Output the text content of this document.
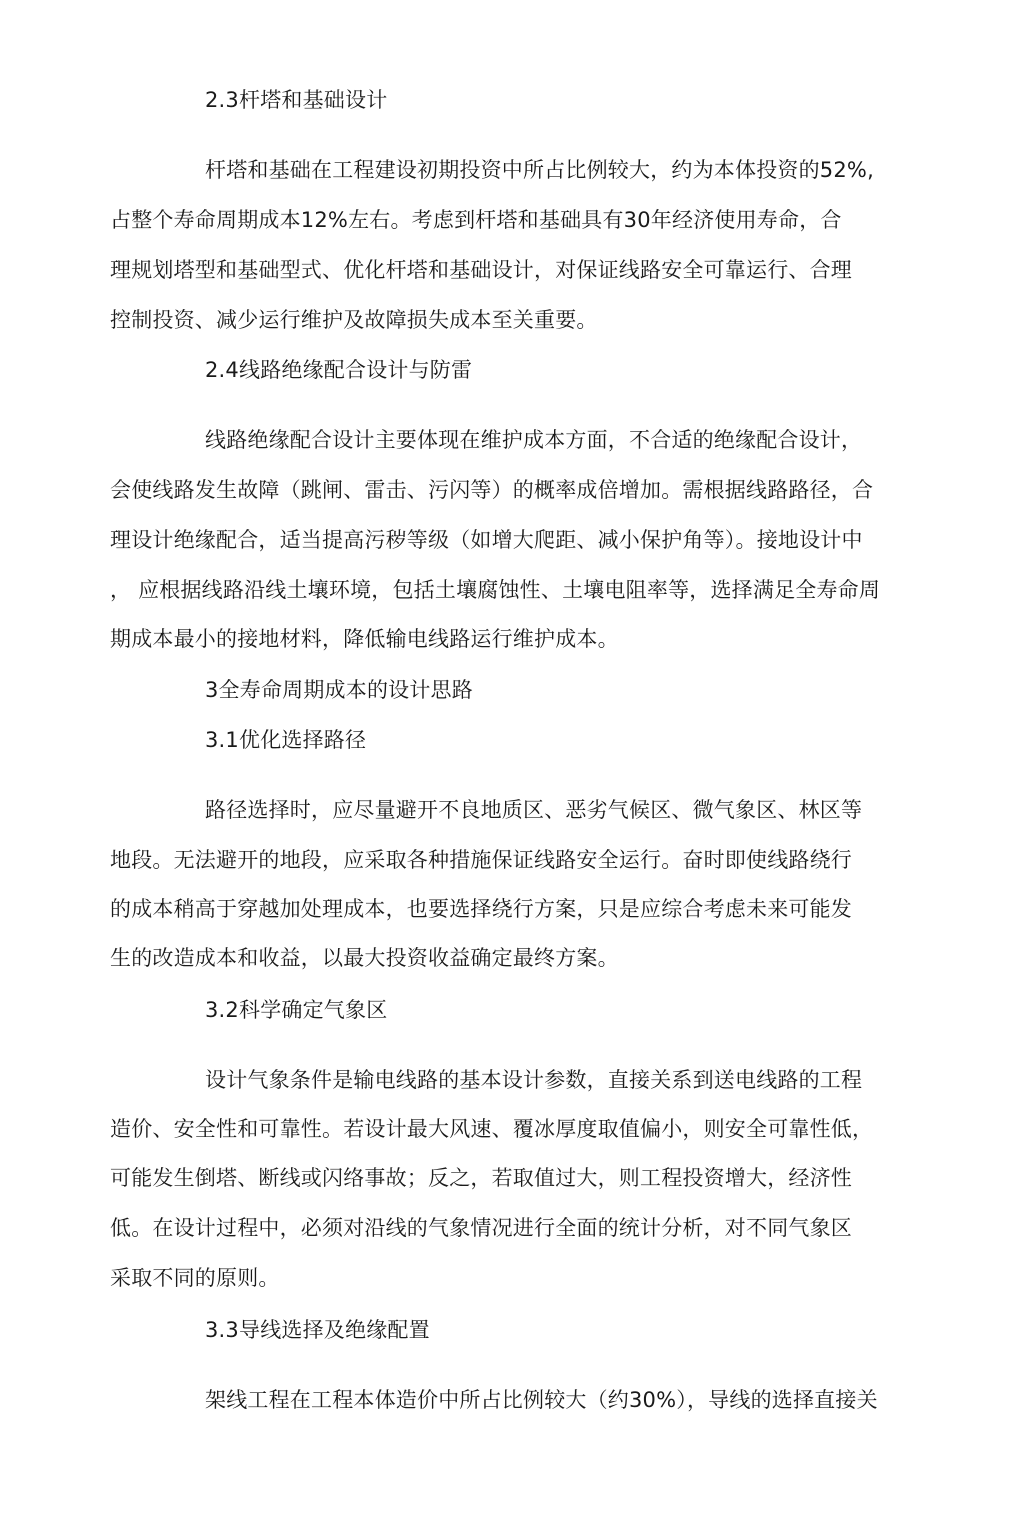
2.3杆塔和基础设计
杆塔和基础在工程建设初期投资中所占比例较大，约为本体投资的52%,
占整个寿命周期成本12%左右。考虑到杆塔和基础具有30年经济使用寿命，合
理规划塔型和基础型式、优化杆塔和基础设计，对保证线路安全可靠运行、合理
控制投资、减少运行维护及故障损失成本至关重要。
2.4线路绝缘配合设计与防雷
线路绝缘配合设计主要体现在维护成本方面，不合适的绝缘配合设计，
会使线路发生故障（跳闸、雷击、污闪等）的概率成倍增加。需根据线路路径，合
理设计绝缘配合，适当提高污秽等级（如增大爬距、减小保护角等）。接地设计中
， 应根据线路沿线土壤环境，包括土壤腐蚀性、土壤电阻率等，选择满足全寿命周
期成本最小的接地材料，降低输电线路运行维护成本。
3全寿命周期成本的设计思路
3.1优化选择路径
路径选择时，应尽量避开不良地质区、恶劣气候区、微气象区、林区等
地段。无法避开的地段，应采取各种措施保证线路安全运行。奋时即使线路绕行
的成本稍高于穿越加处理成本，也要选择绕行方案，只是应综合考虑未来可能发
生的改造成本和收益，以最大投资收益确定最终方案。
3.2科学确定气象区
设计气象条件是输电线路的基本设计参数，直接关系到送电线路的工程
造价、安全性和可靠性。若设计最大风速、覆冰厚度取值偏小，则安全可靠性低，
可能发生倒塔、断线或闪络事故；反之，若取值过大，则工程投资增大，经济性
低。在设计过程中，必须对沿线的气象情况进行全面的统计分析，对不同气象区
采取不同的原则。
3.3导线选择及绝缘配置
架线工程在工程本体造价中所占比例较大（约30%），导线的选择直接关
